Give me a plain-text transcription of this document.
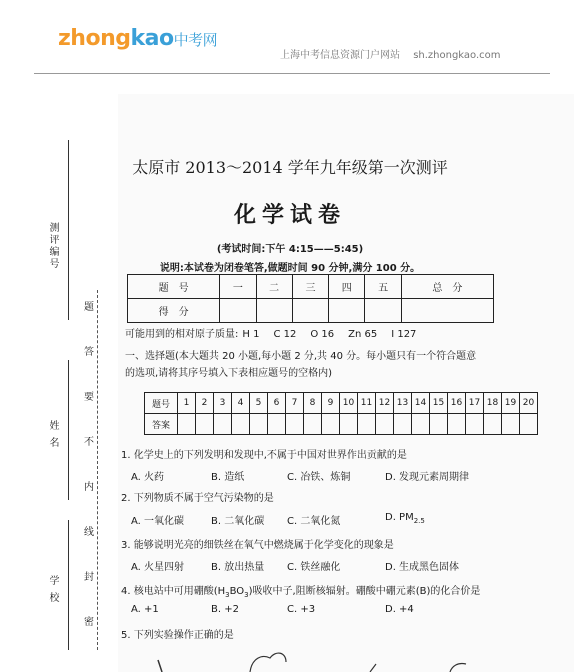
zhongkao中考网
上海中考信息资源门户网站 sh.zhongkao.com
测评编号
姓 名
学 校
题
答
要
不
内
线
封
密
太原市 2013～2014 学年九年级第一次测评
化学试卷
(考试时间:下午 4:15——5:45)
说明:本试卷为闭卷笔答,做题时间 90 分钟,满分 100 分。
题　号	一	二	三	四	五	总　分
得　分						
可能用到的相对原子质量: H 1 C 12 O 16 Zn 65 I 127
一、选择题(本大题共 20 小题,每小题 2 分,共 40 分。每小题只有一个符合题意的选项,请将其序号填入下表相应题号的空格内)
题号	1	2	3	4	5	6	7	8	9	10	11	12	13	14	15	16	17	18	19	20
答案																				
1. 化学史上的下列发明和发现中,不属于中国对世界作出贡献的是
A. 火药	B. 造纸	C. 冶铁、炼铜	D. 发现元素周期律
2. 下列物质不属于空气污染物的是
A. 一氧化碳	B. 二氧化碳 C. 二氧化氮	D. $PM_{2.5}$
3. 能够说明光亮的细铁丝在氧气中燃烧属于化学变化的现象是
A. 火星四射	B. 放出热量 C. 铁丝融化	D. 生成黑色固体
4. 核电站中可用硼酸$(H_3BO_3)$吸收中子,阻断核辐射。硼酸中硼元素(B)的化合价是
A. +1	B. +2	C. +3	D. +4
5. 下列实验操作正确的是
